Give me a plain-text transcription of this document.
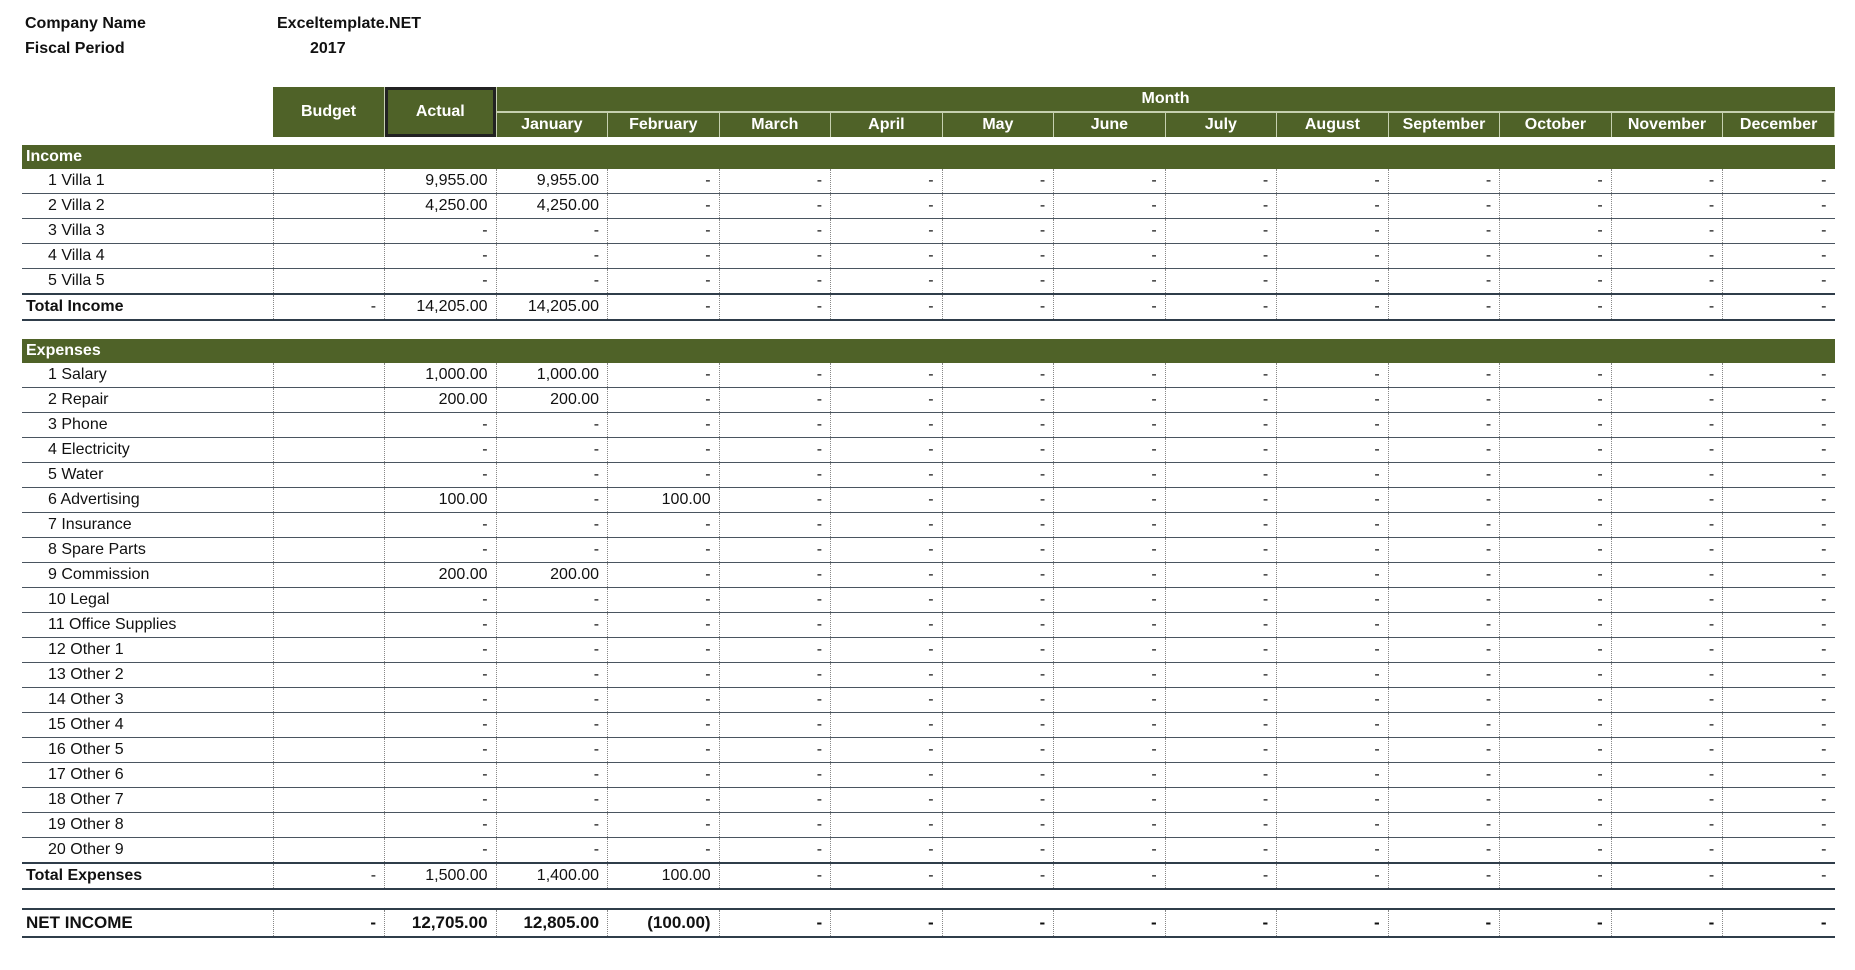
Company Name	Exceltemplate.NET
Fiscal Period	2017
	Budget	Actual	Month											
			January	February	March	April	May	June	July	August	September	October	November	December

Income														
1 Villa 1		9,955.00	9,955.00	-	-	-	-	-	-	-	-	-	-	-
2 Villa 2		4,250.00	4,250.00	-	-	-	-	-	-	-	-	-	-	-
3 Villa 3		-	-	-	-	-	-	-	-	-	-	-	-	-
4 Villa 4		-	-	-	-	-	-	-	-	-	-	-	-	-
5 Villa 5		-	-	-	-	-	-	-	-	-	-	-	-	-
Total Income	-	14,205.00	14,205.00	-	-	-	-	-	-	-	-	-	-	-

Expenses														
1 Salary		1,000.00	1,000.00	-	-	-	-	-	-	-	-	-	-	-
2 Repair		200.00	200.00	-	-	-	-	-	-	-	-	-	-	-
3 Phone		-	-	-	-	-	-	-	-	-	-	-	-	-
4 Electricity		-	-	-	-	-	-	-	-	-	-	-	-	-
5 Water		-	-	-	-	-	-	-	-	-	-	-	-	-
6 Advertising		100.00	-	100.00	-	-	-	-	-	-	-	-	-	-
7 Insurance		-	-	-	-	-	-	-	-	-	-	-	-	-
8 Spare Parts		-	-	-	-	-	-	-	-	-	-	-	-	-
9 Commission		200.00	200.00	-	-	-	-	-	-	-	-	-	-	-
10 Legal		-	-	-	-	-	-	-	-	-	-	-	-	-
11 Office Supplies		-	-	-	-	-	-	-	-	-	-	-	-	-
12 Other 1		-	-	-	-	-	-	-	-	-	-	-	-	-
13 Other 2		-	-	-	-	-	-	-	-	-	-	-	-	-
14 Other 3		-	-	-	-	-	-	-	-	-	-	-	-	-
15 Other 4		-	-	-	-	-	-	-	-	-	-	-	-	-
16 Other 5		-	-	-	-	-	-	-	-	-	-	-	-	-
17 Other 6		-	-	-	-	-	-	-	-	-	-	-	-	-
18 Other 7		-	-	-	-	-	-	-	-	-	-	-	-	-
19 Other 8		-	-	-	-	-	-	-	-	-	-	-	-	-
20 Other 9		-	-	-	-	-	-	-	-	-	-	-	-	-
Total Expenses	-	1,500.00	1,400.00	100.00	-	-	-	-	-	-	-	-	-	-

NET INCOME	-	12,705.00	12,805.00	(100.00)	-	-	-	-	-	-	-	-	-	-
